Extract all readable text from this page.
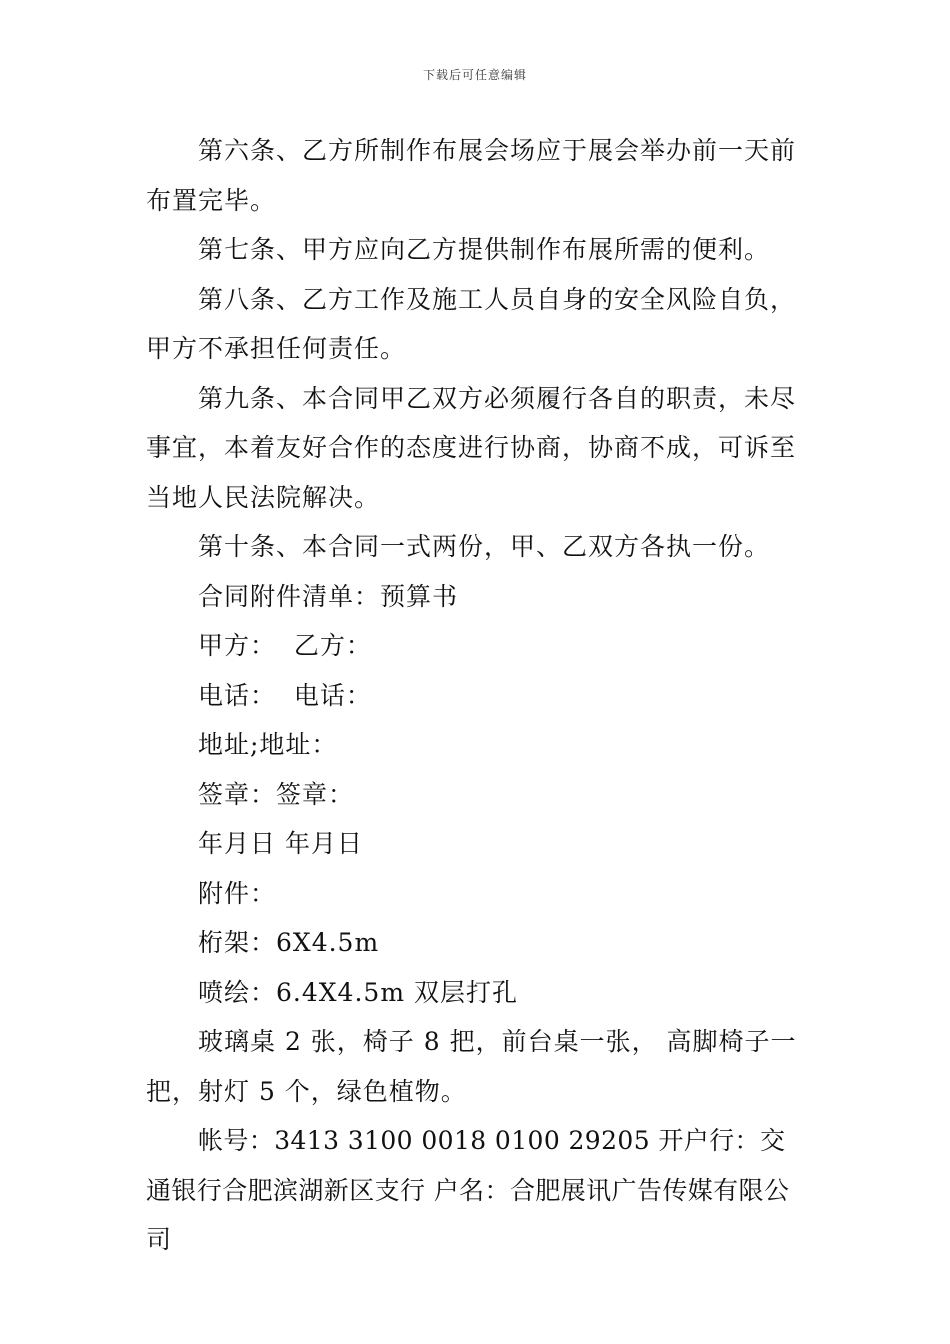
下载后可任意编辑

第六条、乙方所制作布展会场应于展会举办前一天前布置完毕。

第七条、甲方应向乙方提供制作布展所需的便利。

第八条、乙方工作及施工人员自身的安全风险自负，甲方不承担任何责任。

第九条、本合同甲乙双方必须履行各自的职责，未尽事宜，本着友好合作的态度进行协商，协商不成，可诉至当地人民法院解决。

第十条、本合同一式两份，甲、乙双方各执一份。

合同附件清单：预算书

甲方：  乙方：

电话：  电话：

地址;地址：

签章：签章：

年月日 年月日

附件：

桁架：6X4.5m

喷绘：6.4X4.5m 双层打孔

玻璃桌 2 张，椅子 8 把，前台桌一张， 高脚椅子一把，射灯 5 个，绿色植物。

帐号：3413 3100 0018 0100 29205 开户行：交通银行合肥滨湖新区支行 户名：合肥展讯广告传媒有限公司
